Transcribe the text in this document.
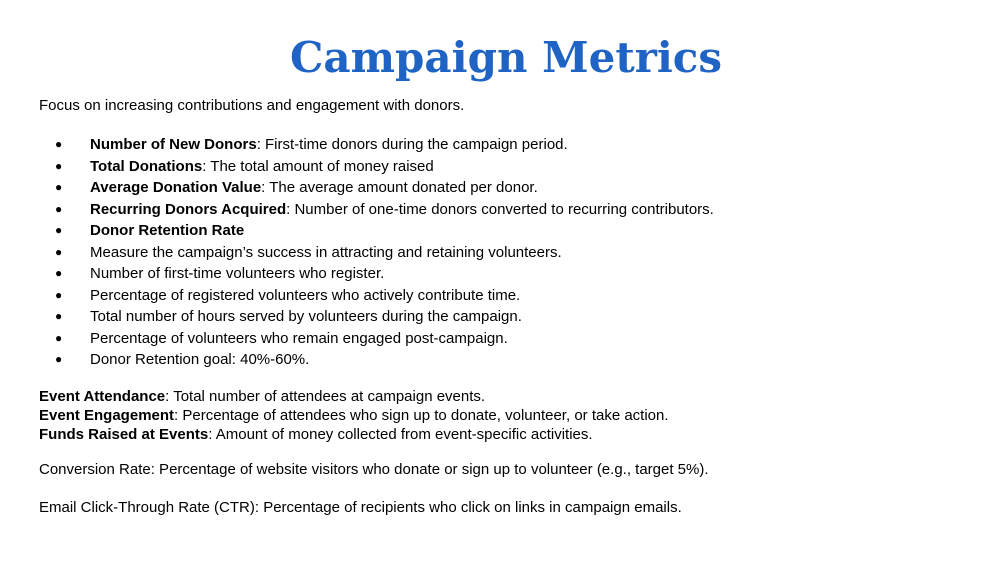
Campaign Metrics

Focus on increasing contributions and engagement with donors.

● Number of New Donors: First-time donors during the campaign period.
● Total Donations: The total amount of money raised
● Average Donation Value: The average amount donated per donor.
● Recurring Donors Acquired: Number of one-time donors converted to recurring contributors.
● Donor Retention Rate
● Measure the campaign’s success in attracting and retaining volunteers.
● Number of first-time volunteers who register.
● Percentage of registered volunteers who actively contribute time.
● Total number of hours served by volunteers during the campaign.
● Percentage of volunteers who remain engaged post-campaign.
● Donor Retention goal: 40%-60%.
Event Attendance: Total number of attendees at campaign events.
Event Engagement: Percentage of attendees who sign up to donate, volunteer, or take action.
Funds Raised at Events: Amount of money collected from event-specific activities.

Conversion Rate: Percentage of website visitors who donate or sign up to volunteer (e.g., target 5%).

Email Click-Through Rate (CTR): Percentage of recipients who click on links in campaign emails.
